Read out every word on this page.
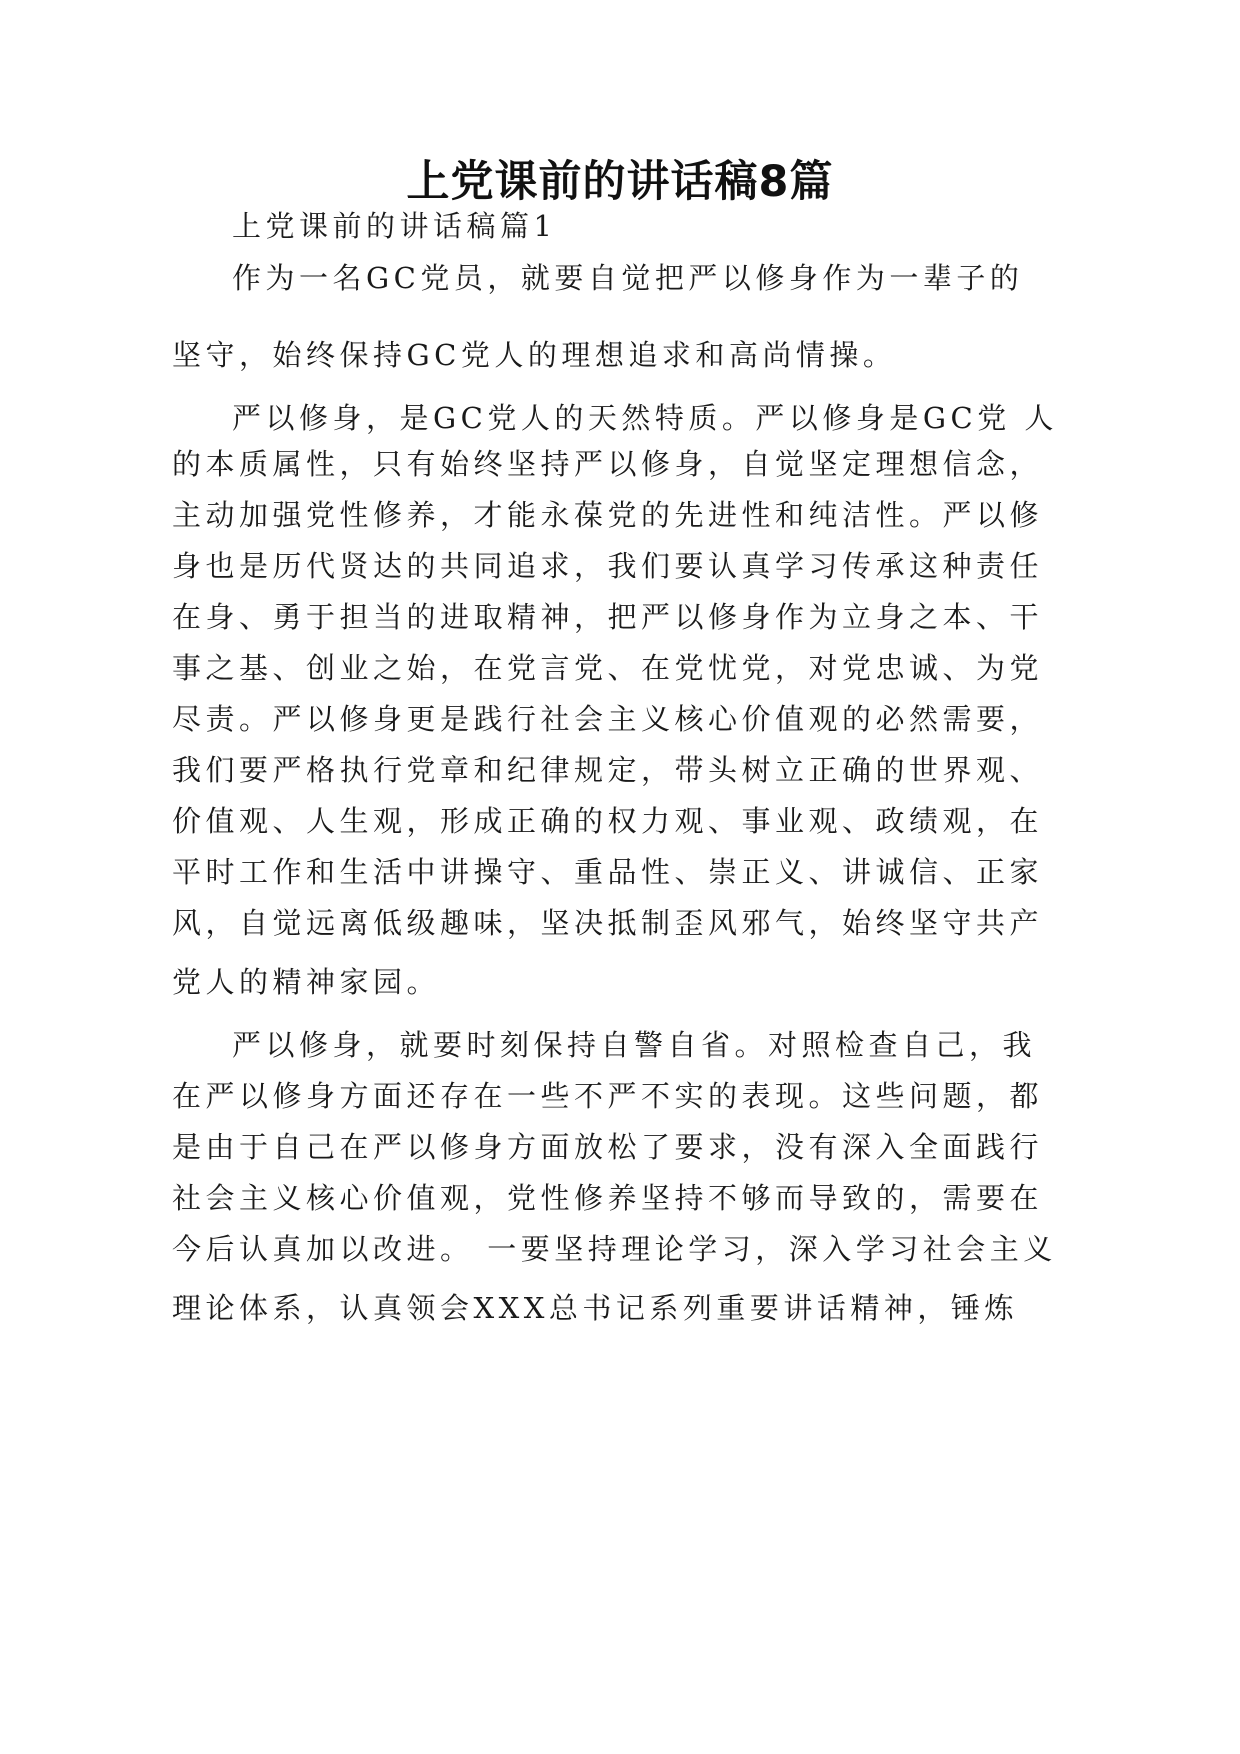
上党课前的讲话稿8篇
上党课前的讲话稿篇1
作为一名GC党员，就要自觉把严以修身作为一辈子的
坚守，始终保持GC党人的理想追求和高尚情操。
严以修身，是GC党人的天然特质。严以修身是GC党 人
的本质属性，只有始终坚持严以修身，自觉坚定理想信念，
主动加强党性修养，才能永葆党的先进性和纯洁性。严以修
身也是历代贤达的共同追求，我们要认真学习传承这种责任
在身、勇于担当的进取精神，把严以修身作为立身之本、干
事之基、创业之始，在党言党、在党忧党，对党忠诚、为党
尽责。严以修身更是践行社会主义核心价值观的必然需要，
我们要严格执行党章和纪律规定，带头树立正确的世界观、
价值观、人生观，形成正确的权力观、事业观、政绩观，在
平时工作和生活中讲操守、重品性、崇正义、讲诚信、正家
风，自觉远离低级趣味，坚决抵制歪风邪气，始终坚守共产
党人的精神家园。
严以修身，就要时刻保持自警自省。对照检查自己，我
在严以修身方面还存在一些不严不实的表现。这些问题，都
是由于自己在严以修身方面放松了要求，没有深入全面践行
社会主义核心价值观，党性修养坚持不够而导致的，需要在
今后认真加以改进。 一要坚持理论学习，深入学习社会主义
理论体系，认真领会XXX总书记系列重要讲话精神，锤炼
